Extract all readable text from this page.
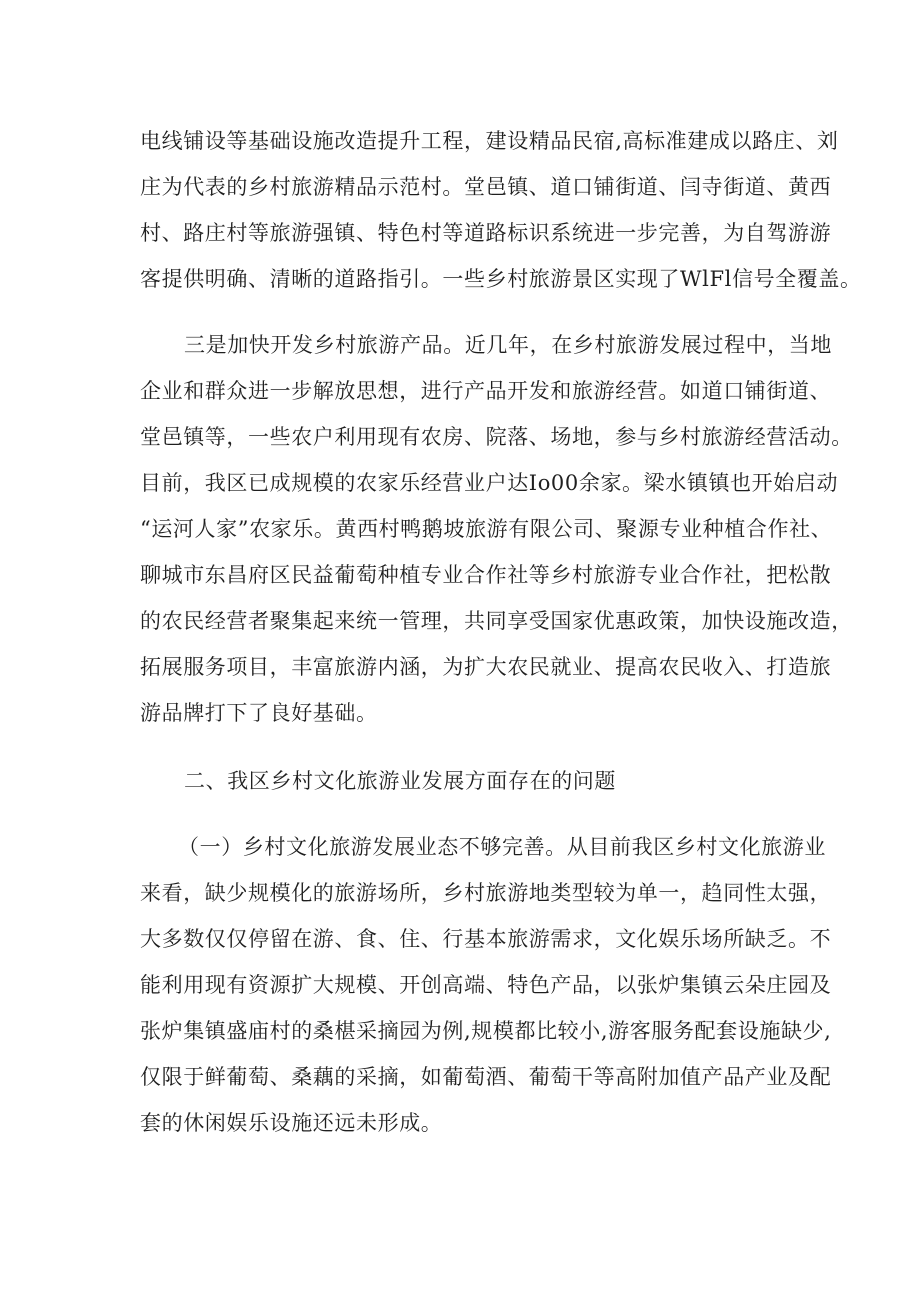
电线铺设等基础设施改造提升工程，建设精品民宿,高标准建成以路庄、刘
庄为代表的乡村旅游精品示范村。堂邑镇、道口铺街道、闫寺街道、黄西
村、路庄村等旅游强镇、特色村等道路标识系统进一步完善，为自驾游游
客提供明确、清晰的道路指引。一些乡村旅游景区实现了WlFl信号全覆盖。
三是加快开发乡村旅游产品。近几年，在乡村旅游发展过程中，当地
企业和群众进一步解放思想，进行产品开发和旅游经营。如道口铺街道、
堂邑镇等，一些农户利用现有农房、院落、场地，参与乡村旅游经营活动。
目前，我区已成规模的农家乐经营业户达Io00余家。梁水镇镇也开始启动
“运河人家”农家乐。黄西村鸭鹅坡旅游有限公司、聚源专业种植合作社、
聊城市东昌府区民益葡萄种植专业合作社等乡村旅游专业合作社，把松散
的农民经营者聚集起来统一管理，共同享受国家优惠政策，加快设施改造，
拓展服务项目，丰富旅游内涵，为扩大农民就业、提高农民收入、打造旅
游品牌打下了良好基础。
二、我区乡村文化旅游业发展方面存在的问题
（一）乡村文化旅游发展业态不够完善。从目前我区乡村文化旅游业
来看，缺少规模化的旅游场所，乡村旅游地类型较为单一，趋同性太强，
大多数仅仅停留在游、食、住、行基本旅游需求，文化娱乐场所缺乏。不
能利用现有资源扩大规模、开创高端、特色产品，以张炉集镇云朵庄园及
张炉集镇盛庙村的桑椹采摘园为例,规模都比较小,游客服务配套设施缺少,
仅限于鲜葡萄、桑藕的采摘，如葡萄酒、葡萄干等高附加值产品产业及配
套的休闲娱乐设施还远未形成。
